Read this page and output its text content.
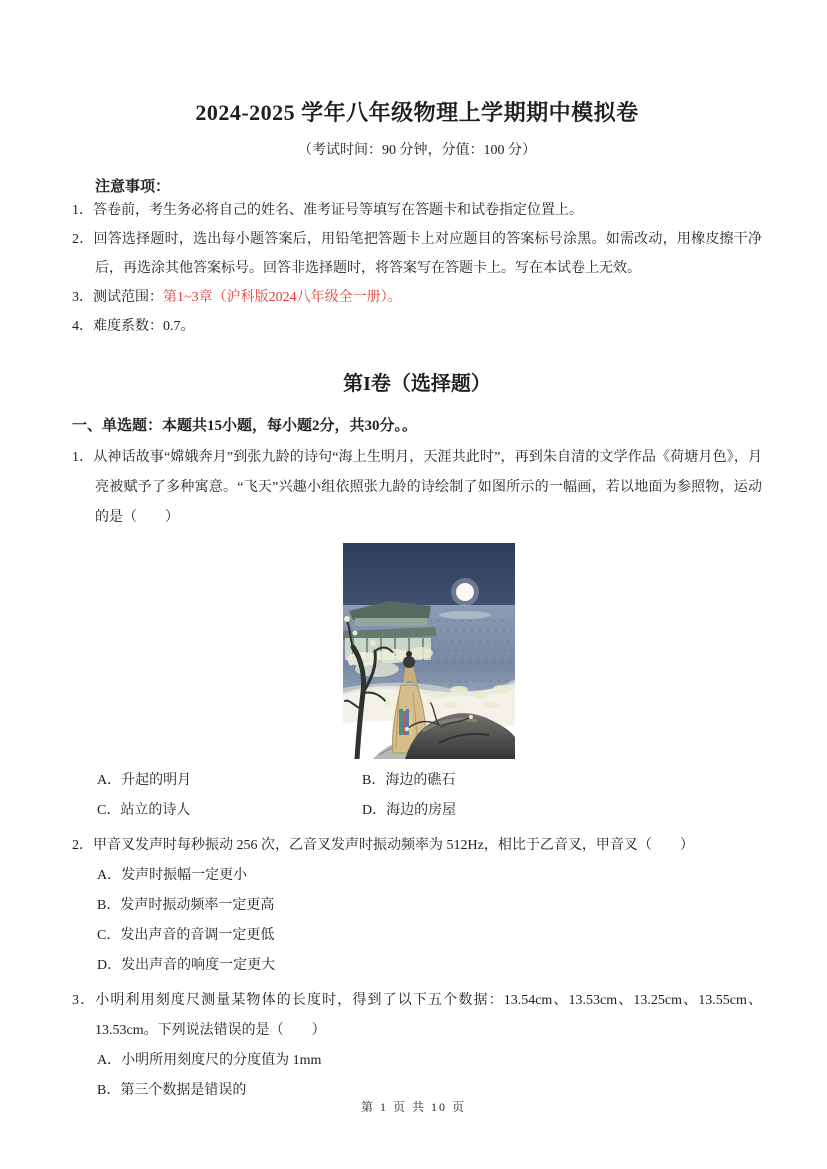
2024-2025 学年八年级物理上学期期中模拟卷
（考试时间：90 分钟，分值：100 分）
注意事项：
1．答卷前，考生务必将自己的姓名、准考证号等填写在答题卡和试卷指定位置上。
2．回答选择题时，选出每小题答案后，用铅笔把答题卡上对应题目的答案标号涂黑。如需改动，用橡皮擦干净后，再选涂其他答案标号。回答非选择题时，将答案写在答题卡上。写在本试卷上无效。
3．测试范围：第1~3章（沪科版2024八年级全一册）。
4．难度系数：0.7。
第I卷（选择题）
一、单选题：本题共15小题，每小题2分，共30分。。
1．从神话故事“嫦娥奔月”到张九龄的诗句“海上生明月，天涯共此时”，再到朱自清的文学作品《荷塘月色》，月亮被赋予了多种寓意。“飞天”兴趣小组依照张九龄的诗绘制了如图所示的一幅画，若以地面为参照物，运动的是（　　）
A．升起的明月	B．海边的礁石
C．站立的诗人	D．海边的房屋
2．甲音叉发声时每秒振动 256 次，乙音叉发声时振动频率为 512Hz，相比于乙音叉，甲音叉（　　）
A．发声时振幅一定更小
B．发声时振动频率一定更高
C．发出声音的音调一定更低
D．发出声音的响度一定更大
3．小明利用刻度尺测量某物体的长度时，得到了以下五个数据：13.54cm、13.53cm、13.25cm、13.55cm、13.53cm。下列说法错误的是（　　）
A．小明所用刻度尺的分度值为 1mm
B．第三个数据是错误的
第 1 页 共 10 页
